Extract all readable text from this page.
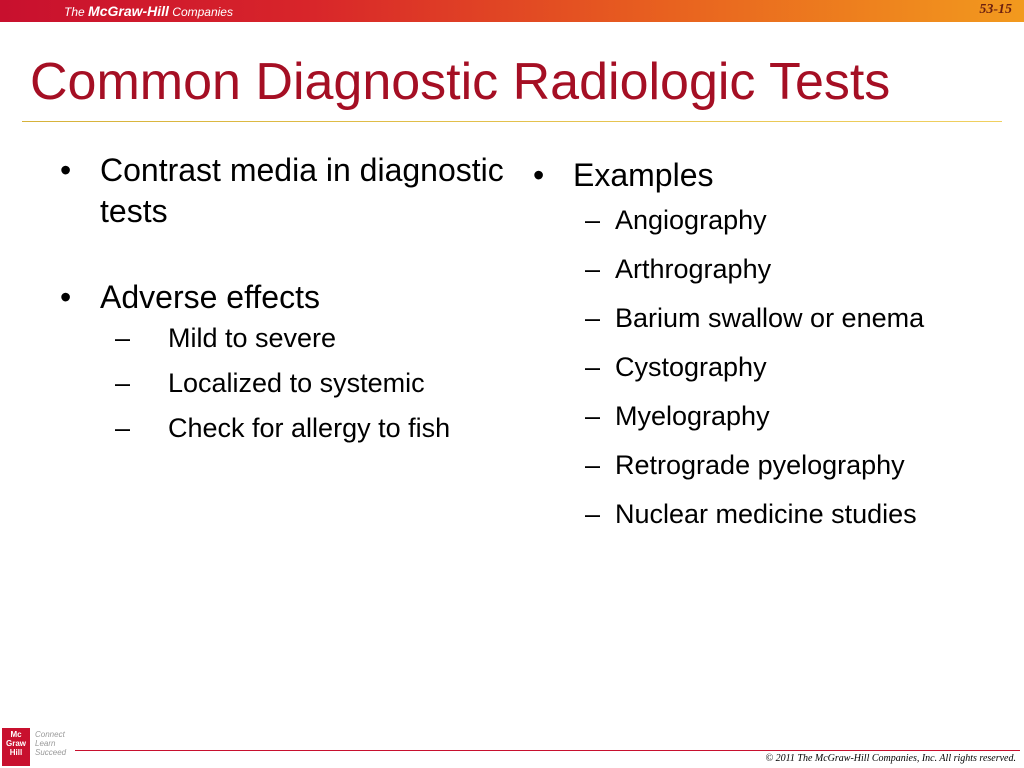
The McGraw-Hill Companies	53-15
Common Diagnostic Radiologic Tests
• Contrast media in diagnostic tests
• Adverse effects
– Mild to severe
– Localized to systemic
– Check for allergy to fish
• Examples
– Angiography
– Arthrography
– Barium swallow or enema
– Cystography
– Myelography
– Retrograde pyelography
– Nuclear medicine studies
Mc
Graw
Hill
Connect
Learn
Succeed
© 2011 The McGraw-Hill Companies, Inc. All rights reserved.
